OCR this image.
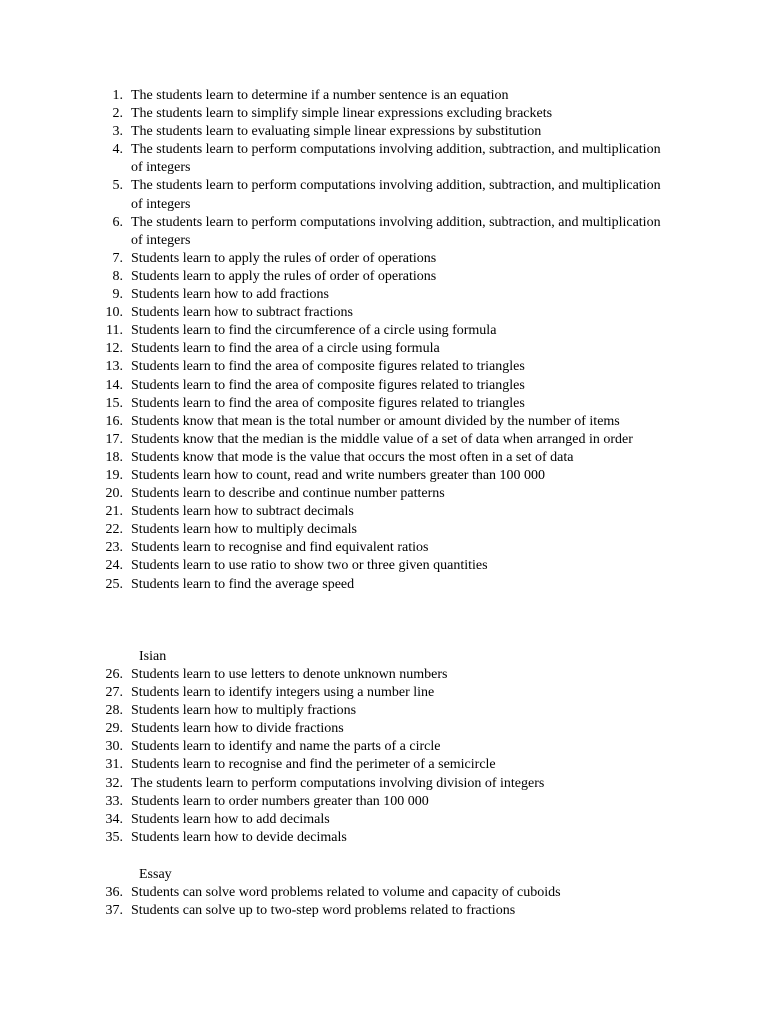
1. The students learn to determine if a number sentence is an equation
2. The students learn to simplify simple linear expressions excluding brackets
3. The students learn to evaluating simple linear expressions by substitution
4. The students learn to perform computations involving addition, subtraction, and multiplication of integers
5. The students learn to perform computations involving addition, subtraction, and multiplication of integers
6. The students learn to perform computations involving addition, subtraction, and multiplication of integers
7. Students learn to apply the rules of order of operations
8. Students learn to apply the rules of order of operations
9. Students learn how to add fractions
10. Students learn how to subtract fractions
11. Students learn to find the circumference of a circle using formula
12. Students learn to find the area of a circle using formula
13. Students learn to find the area of composite figures related to triangles
14. Students learn to find the area of composite figures related to triangles
15. Students learn to find the area of composite figures related to triangles
16. Students know that mean is the total number or amount divided by the number of items
17. Students know that the median is the middle value of a set of data when arranged in order
18. Students know that mode is the value that occurs the most often in a set of data
19. Students learn how to count, read and write numbers greater than 100 000
20. Students learn to describe and continue number patterns
21. Students learn how to subtract decimals
22. Students learn how to multiply decimals
23. Students learn to recognise and find equivalent ratios
24. Students learn to use ratio to show two or three given quantities
25. Students learn to find the average speed
Isian
26. Students learn to use letters to denote unknown numbers
27. Students learn to identify integers using a number line
28. Students learn how to multiply fractions
29. Students learn how to divide fractions
30. Students learn to identify and name the parts of a circle
31. Students learn to recognise and find the perimeter of a semicircle
32. The students learn to perform computations involving division of integers
33. Students learn to order numbers greater than 100 000
34. Students learn how to add decimals
35. Students learn how to devide decimals
Essay
36. Students can solve word problems related to volume and capacity of cuboids
37. Students can solve up to two-step word problems related to fractions
